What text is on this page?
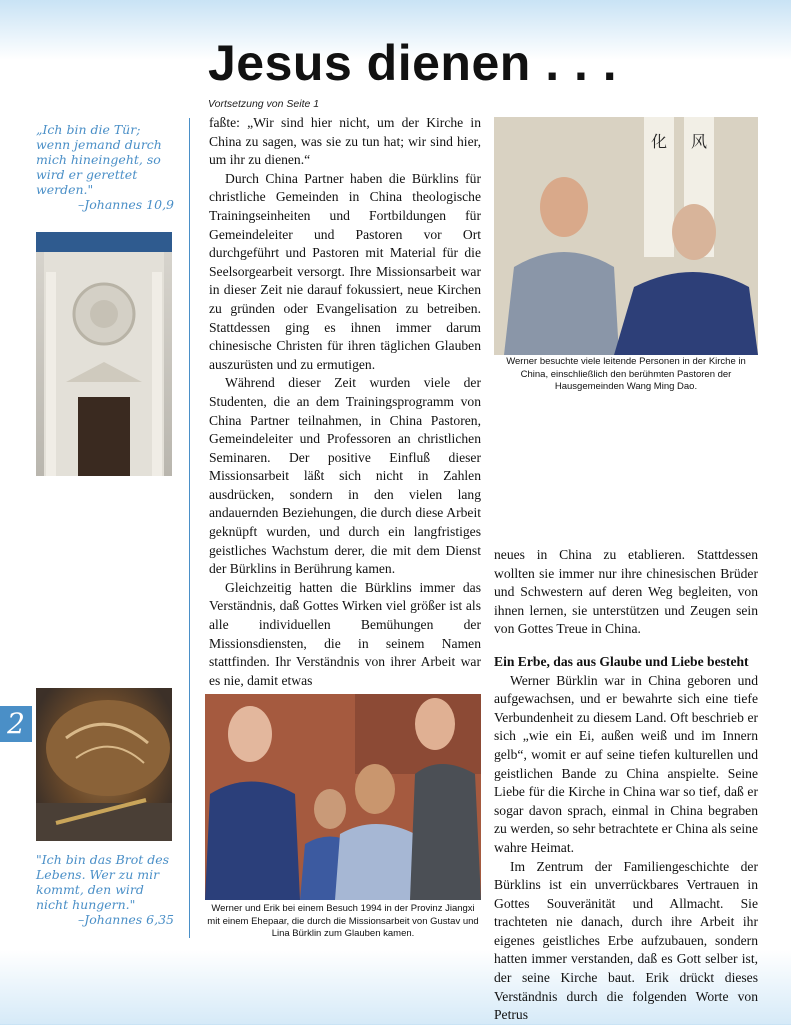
Jesus dienen . . .
Vortsetzung von Seite 1
„Ich bin die Tür; wenn jemand durch mich hineingeht, so wird er gerettet werden."
–Johannes 10,9
2
"Ich bin das Brot des Lebens. Wer zu mir kommt, den wird nicht hungern."
–Johannes 6,35

faßte: „Wir sind hier nicht, um der Kirche in China zu sagen, was sie zu tun hat; wir sind hier, um ihr zu dienen.“

Durch China Partner haben die Bürklins für christliche Gemeinden in China theologische Trainingseinheiten und Fortbildungen für Gemeindeleiter und Pastoren vor Ort durchgeführt und Pastoren mit Material für die Seelsorgearbeit versorgt. Ihre Missionsarbeit war in dieser Zeit nie darauf fokussiert, neue Kirchen zu gründen oder Evangelisation zu betreiben. Stattdessen ging es ihnen immer darum chinesische Christen für ihren täglichen Glauben auszurüsten und zu ermutigen.

Während dieser Zeit wurden viele der Studenten, die an dem Trainingsprogramm von China Partner teilnahmen, in China Pastoren, Gemeindeleiter und Professoren an christlichen Seminaren. Der positive Einfluß dieser Missionsarbeit läßt sich nicht in Zahlen ausdrücken, sondern in den vielen lang andauernden Beziehungen, die durch diese Arbeit geknüpft wurden, und durch ein langfristiges geistliches Wachstum derer, die mit dem Dienst der Bürklins in Berührung kamen.

Gleichzeitig hatten die Bürklins immer das Verständnis, daß Gottes Wirken viel größer ist als alle individuellen Bemühungen der Missionsdiensten, die in seinem Namen stattfinden. Ihr Verständnis von ihrer Arbeit war es nie, damit etwas

化 风
Werner besuchte viele leitende Personen in der Kirche in China, einschließlich den berühmten Pastoren der Hausgemeinden Wang Ming Dao.

neues in China zu etablieren. Stattdessen wollten sie immer nur ihre chinesischen Brüder und Schwestern auf deren Weg begleiten, von ihnen lernen, sie unterstützen und Zeugen sein von Gottes Treue in China.

Ein Erbe, das aus Glaube und Liebe besteht

Werner Bürklin war in China geboren und aufgewachsen, und er bewahrte sich eine tiefe Verbundenheit zu diesem Land. Oft beschrieb er sich „wie ein Ei, außen weiß und im Innern gelb“, womit er auf seine tiefen kulturellen und geistlichen Bande zu China anspielte. Seine Liebe für die Kirche in China war so tief, daß er sogar davon sprach, einmal in China begraben zu werden, so sehr betrachtete er China als seine wahre Heimat.

Im Zentrum der Familiengeschichte der Bürklins ist ein unverrückbares Vertrauen in Gottes Souveränität und Allmacht. Sie trachteten nie danach, durch ihre Arbeit ihr eigenes geistliches Erbe aufzubauen, sondern hatten immer verstanden, daß es Gott selber ist, der seine Kirche baut. Erik drückt dieses Verständnis durch die folgenden Worte von Petrus

Werner und Erik bei einem Besuch 1994 in der Provinz Jiangxi mit einem Ehepaar, die durch die Missionsarbeit von Gustav und Lina Bürklin zum Glauben kamen.
